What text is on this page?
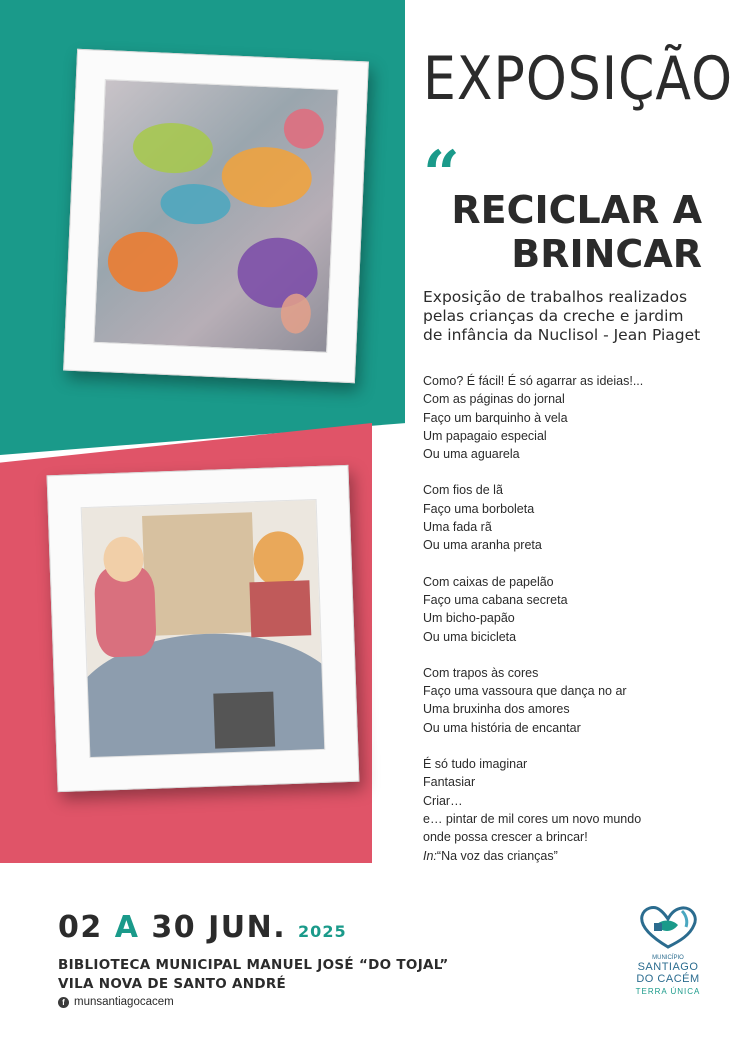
EXPOSIÇÃO
“
RECICLAR A
BRINCAR
Exposição de trabalhos realizados
pelas crianças da creche e jardim
de infância da Nuclisol - Jean Piaget
Como? É fácil! É só agarrar as ideias!...
Com as páginas do jornal
Faço um barquinho à vela
Um papagaio especial
Ou uma aguarela
Com fios de lã
Faço uma borboleta
Uma fada rã
Ou uma aranha preta
Com caixas de papelão
Faço uma cabana secreta
Um bicho-papão
Ou uma bicicleta
Com trapos às cores
Faço uma vassoura que dança no ar
Uma bruxinha dos amores
Ou uma história de encantar
É só tudo imaginar
Fantasiar
Criar…
e… pintar de mil cores um novo mundo
onde possa crescer a brincar!
In:“Na voz das crianças”
02 A 30 JUN. 2025
BIBLIOTECA MUNICIPAL MANUEL JOSÉ “DO TOJAL”
VILA NOVA DE SANTO ANDRÉ
f munsantiagocacem
MUNICÍPIO
SANTIAGO
DO CACÉM
TERRA ÚNICA
